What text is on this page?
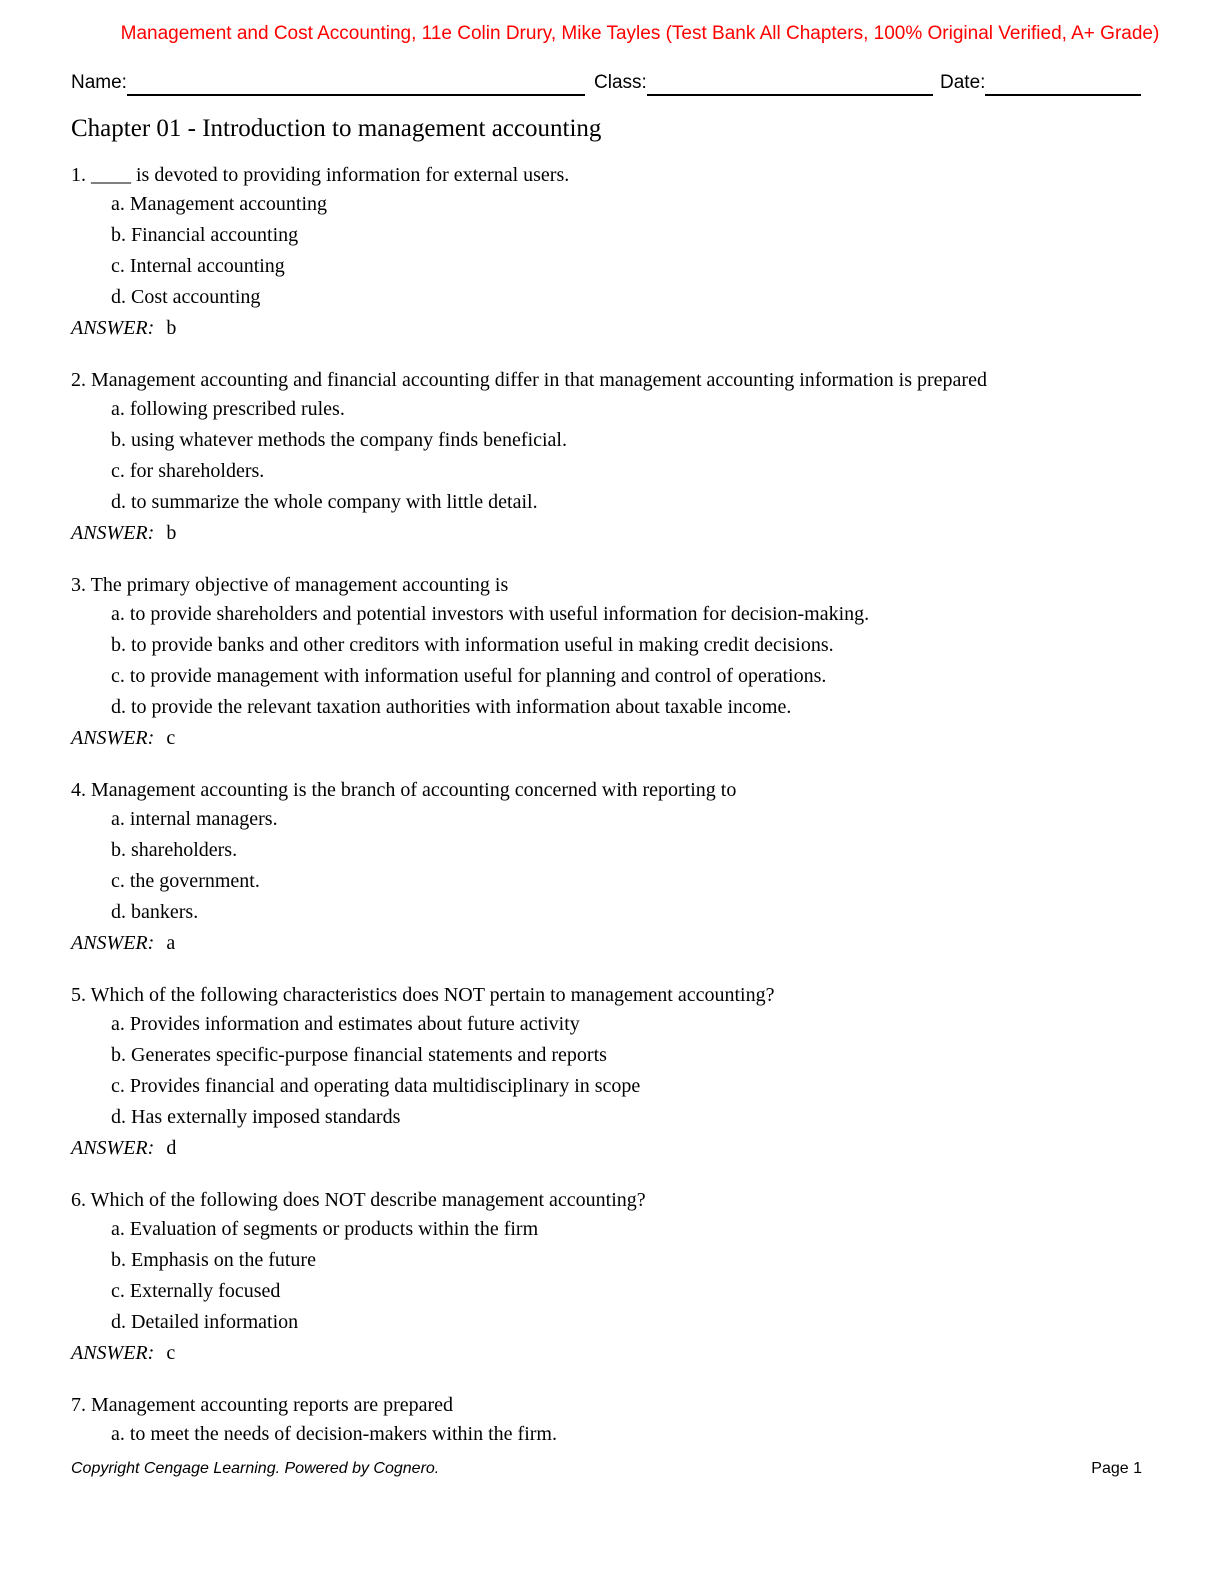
Management and Cost Accounting, 11e Colin Drury, Mike Tayles (Test Bank All Chapters, 100% Original Verified, A+ Grade)
Name:	Class:	Date:
Chapter 01 - Introduction to management accounting
1. ____ is devoted to providing information for external users.
a. Management accounting
b. Financial accounting
c. Internal accounting
d. Cost accounting
ANSWER: b
2. Management accounting and financial accounting differ in that management accounting information is prepared
a. following prescribed rules.
b. using whatever methods the company finds beneficial.
c. for shareholders.
d. to summarize the whole company with little detail.
ANSWER: b
3. The primary objective of management accounting is
a. to provide shareholders and potential investors with useful information for decision-making.
b. to provide banks and other creditors with information useful in making credit decisions.
c. to provide management with information useful for planning and control of operations.
d. to provide the relevant taxation authorities with information about taxable income.
ANSWER: c
4. Management accounting is the branch of accounting concerned with reporting to
a. internal managers.
b. shareholders.
c. the government.
d. bankers.
ANSWER: a
5. Which of the following characteristics does NOT pertain to management accounting?
a. Provides information and estimates about future activity
b. Generates specific-purpose financial statements and reports
c. Provides financial and operating data multidisciplinary in scope
d. Has externally imposed standards
ANSWER: d
6. Which of the following does NOT describe management accounting?
a. Evaluation of segments or products within the firm
b. Emphasis on the future
c. Externally focused
d. Detailed information
ANSWER: c
7. Management accounting reports are prepared
a. to meet the needs of decision-makers within the firm.
Copyright Cengage Learning. Powered by Cognero.	Page 1
